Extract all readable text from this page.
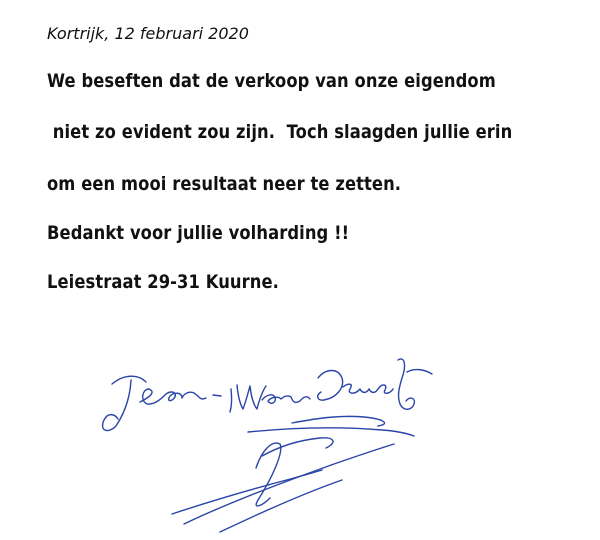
Kortrijk, 12 februari 2020
We beseften dat de verkoop van onze eigendom
niet zo evident zou zijn.  Toch slaagden jullie erin
om een mooi resultaat neer te zetten.
Bedankt voor jullie volharding !!
Leiestraat 29-31 Kuurne.
